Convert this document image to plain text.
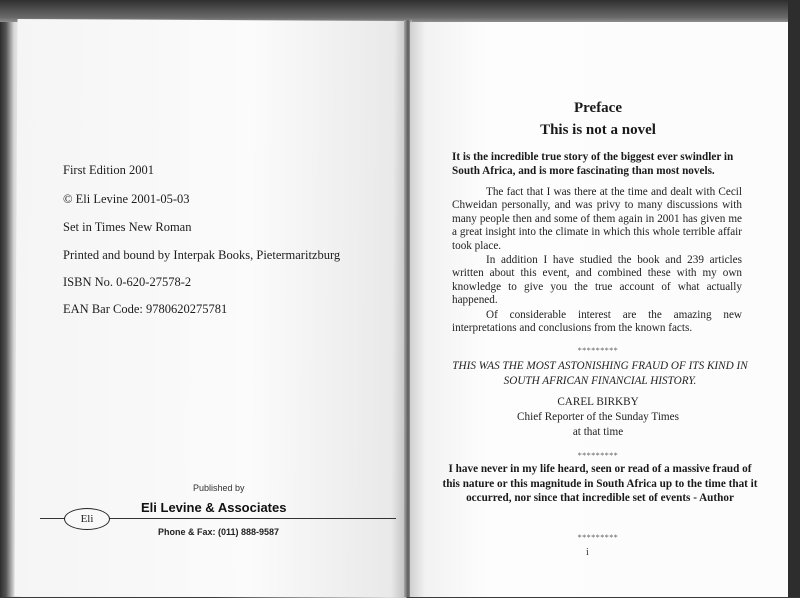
First Edition 2001
© Eli Levine 2001-05-03
Set in Times New Roman
Printed and bound by Interpak Books, Pietermaritzburg
ISBN No. 0-620-27578-2
EAN Bar Code: 9780620275781
Published by
Eli
Eli Levine & Associates
Phone & Fax: (011) 888-9587
Preface
This is not a novel
It is the incredible true story of the biggest ever swindler in South Africa, and is more fascinating than most novels.
The fact that I was there at the time and dealt with Cecil Chweidan personally, and was privy to many discussions with many people then and some of them again in 2001 has given me a great insight into the climate in which this whole terrible affair took place.
In addition I have studied the book and 239 articles written about this event, and combined these with my own knowledge to give you the true account of what actually happened.
Of considerable interest are the amazing new interpretations and conclusions from the known facts.
*********
THIS WAS THE MOST ASTONISHING FRAUD OF ITS KIND IN SOUTH AFRICAN FINANCIAL HISTORY.
CAREL BIRKBY
Chief Reporter of the Sunday Times
at that time
*********
I have never in my life heard, seen or read of a massive fraud of this nature or this magnitude in South Africa up to the time that it occurred, nor since that incredible set of events - Author
*********
i
